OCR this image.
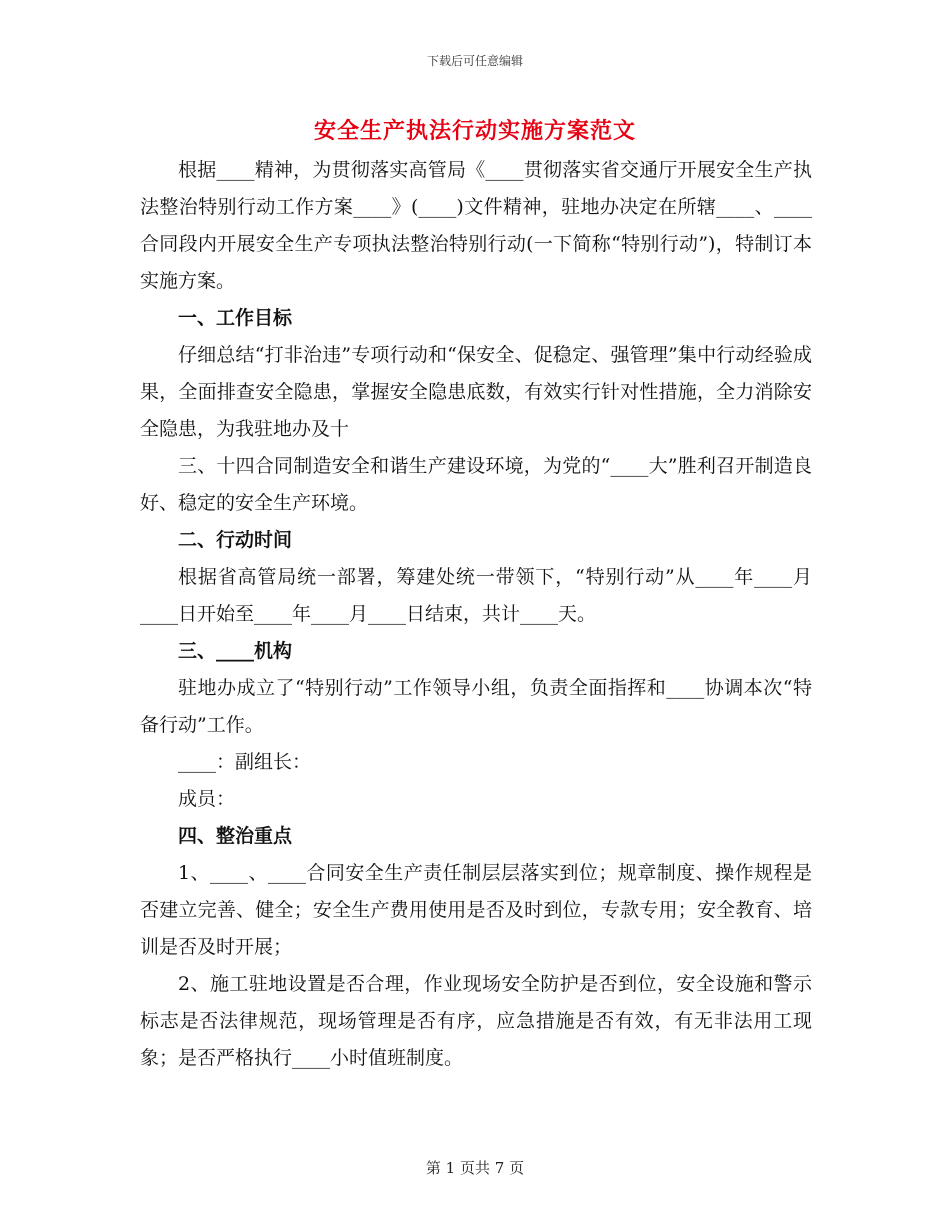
下载后可任意编辑
安全生产执法行动实施方案范文

根据____精神，为贯彻落实高管局《____贯彻落实省交通厅开展安全生产执法整治特别行动工作方案____》(____)文件精神，驻地办决定在所辖____、____合同段内开展安全生产专项执法整治特别行动(一下简称“特别行动”)，特制订本实施方案。

一、工作目标

仔细总结“打非治违”专项行动和“保安全、促稳定、强管理”集中行动经验成果，全面排查安全隐患，掌握安全隐患底数，有效实行针对性措施，全力消除安全隐患，为我驻地办及十

三、十四合同制造安全和谐生产建设环境，为党的“____大”胜利召开制造良好、稳定的安全生产环境。

二、行动时间

根据省高管局统一部署，筹建处统一带领下，“特别行动”从____年____月____日开始至____年____月____日结束，共计____天。

三、____机构

驻地办成立了“特别行动”工作领导小组，负责全面指挥和____协调本次“特备行动”工作。

____：副组长：

成员：

四、整治重点

1、____、____合同安全生产责任制层层落实到位；规章制度、操作规程是否建立完善、健全；安全生产费用使用是否及时到位，专款专用；安全教育、培训是否及时开展；

2、施工驻地设置是否合理，作业现场安全防护是否到位，安全设施和警示标志是否法律规范，现场管理是否有序，应急措施是否有效，有无非法用工现象；是否严格执行____小时值班制度。

第 1 页共 7 页
